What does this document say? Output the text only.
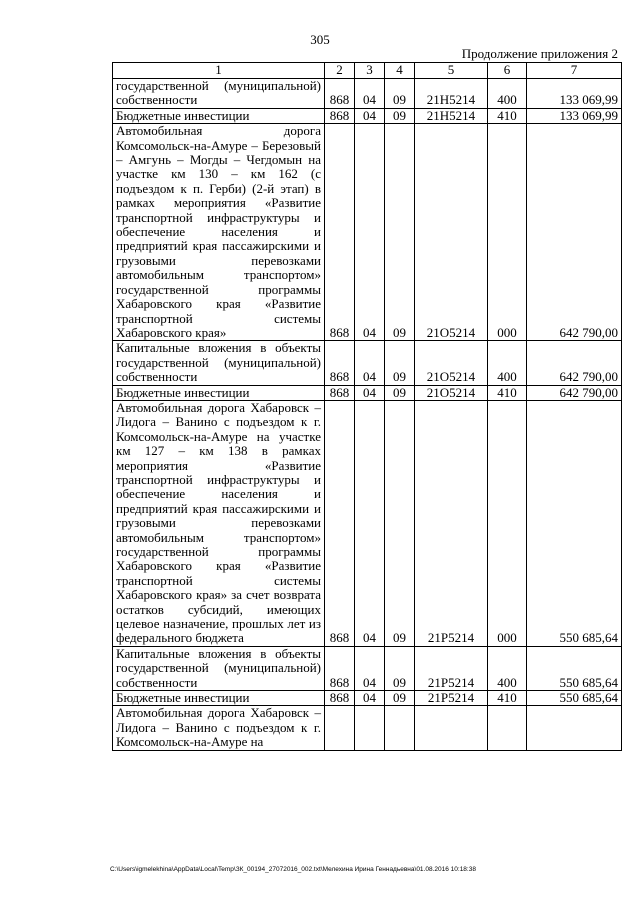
305
Продолжение приложения 2
1	2	3	4	5	6	7
государственной (муниципальной) собственности	868	04	09	21Н5214	400	133 069,99
Бюджетные инвестиции	868	04	09	21Н5214	410	133 069,99
Автомобильная дорога Комсомольск-на-Амуре – Березовый – Амгунь – Могды – Чегдомын на участке км 130 – км 162 (с подъездом к п. Герби) (2-й этап) в рамках мероприятия «Развитие транспортной инфраструктуры и обеспечение населения и предприятий края пассажирскими и грузовыми перевозками автомобильным транспортом» государственной программы Хабаровского края «Развитие транспортной системы Хабаровского края»	868	04	09	21О5214	000	642 790,00
Капитальные вложения в объекты государственной (муниципальной) собственности	868	04	09	21О5214	400	642 790,00
Бюджетные инвестиции	868	04	09	21О5214	410	642 790,00
Автомобильная дорога Хабаровск – Лидога – Ванино с подъездом к г. Комсомольск-на-Амуре на участке км 127 – км 138 в рамках мероприятия «Развитие транспортной инфраструктуры и обеспечение населения и предприятий края пассажирскими и грузовыми перевозками автомобильным транспортом» государственной программы Хабаровского края «Развитие транспортной системы Хабаровского края» за счет возврата остатков субсидий, имеющих целевое назначение, прошлых лет из федерального бюджета	868	04	09	21Р5214	000	550 685,64
Капитальные вложения в объекты государственной (муниципальной) собственности	868	04	09	21Р5214	400	550 685,64
Бюджетные инвестиции	868	04	09	21Р5214	410	550 685,64
Автомобильная дорога Хабаровск – Лидога – Ванино с подъездом к г. Комсомольск-на-Амуре на						
C:\Users\igmelekhina\AppData\Local\Temp\ЗК_00194_27072016_002.txt\Мелехина Ирина Геннадьевна\01.08.2016 10:18:38
